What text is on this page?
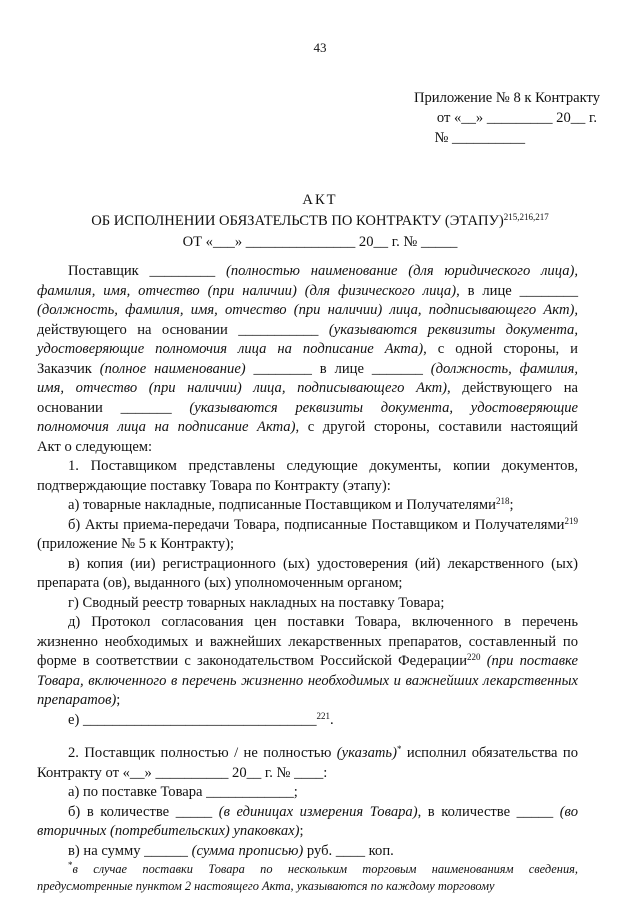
43
Приложение № 8 к Контракту
от «__» _________ 20__ г.
№ __________
АКТ
ОБ ИСПОЛНЕНИИ ОБЯЗАТЕЛЬСТВ ПО КОНТРАКТУ (ЭТАПУ)$^{215,216,217}$
ОТ «___» _______________ 20__ г. № _____
Поставщик _________ (полностью наименование (для юридического лица),
фамилия, имя, отчество (при наличии) (для физического лица), в лице ________
(должность, фамилия, имя, отчество (при наличии) лица, подписывающего Акт),
действующего на основании ___________ (указываются реквизиты документа,
удостоверяющие полномочия лица на подписание Акта), с одной стороны, и
Заказчик (полное наименование) ________ в лице _______ (должность, фамилия,
имя, отчество (при наличии) лица, подписывающего Акт), действующего на
основании _______ (указываются реквизиты документа, удостоверяющие
полномочия лица на подписание Акта), с другой стороны, составили настоящий
Акт о следующем:

1. Поставщиком представлены следующие документы, копии документов, подтверждающие поставку Товара по Контракту (этапу):

а) товарные накладные, подписанные Поставщиком и Получателями$^{218}$;

б) Акты приема-передачи Товара, подписанные Поставщиком и Получателями$^{219}$ (приложение № 5 к Контракту);

в) копия (ии) регистрационного (ых) удостоверения (ий) лекарственного (ых) препарата (ов), выданного (ых) уполномоченным органом;

г) Сводный реестр товарных накладных на поставку Товара;

д) Протокол согласования цен поставки Товара, включенного в перечень жизненно необходимых и важнейших лекарственных препаратов, составленный по форме в соответствии с законодательством Российской Федерации$^{220}$ (при поставке Товара, включенного в перечень жизненно необходимых и важнейших лекарственных препаратов);

е) ________________________________$^{221}$.

2. Поставщик полностью / не полностью (указать)* исполнил обязательства по Контракту от «__» __________ 20__ г. № ____:

а) по поставке Товара ____________;

б) в количестве _____ (в единицах измерения Товара), в количестве _____ (во вторичных (потребительских) упаковках);

в) на сумму ______ (сумма прописью) руб. ____ коп.

*в случае поставки Товара по нескольким торговым наименованиям сведения, предусмотренные пунктом 2 настоящего Акта, указываются по каждому торговому
